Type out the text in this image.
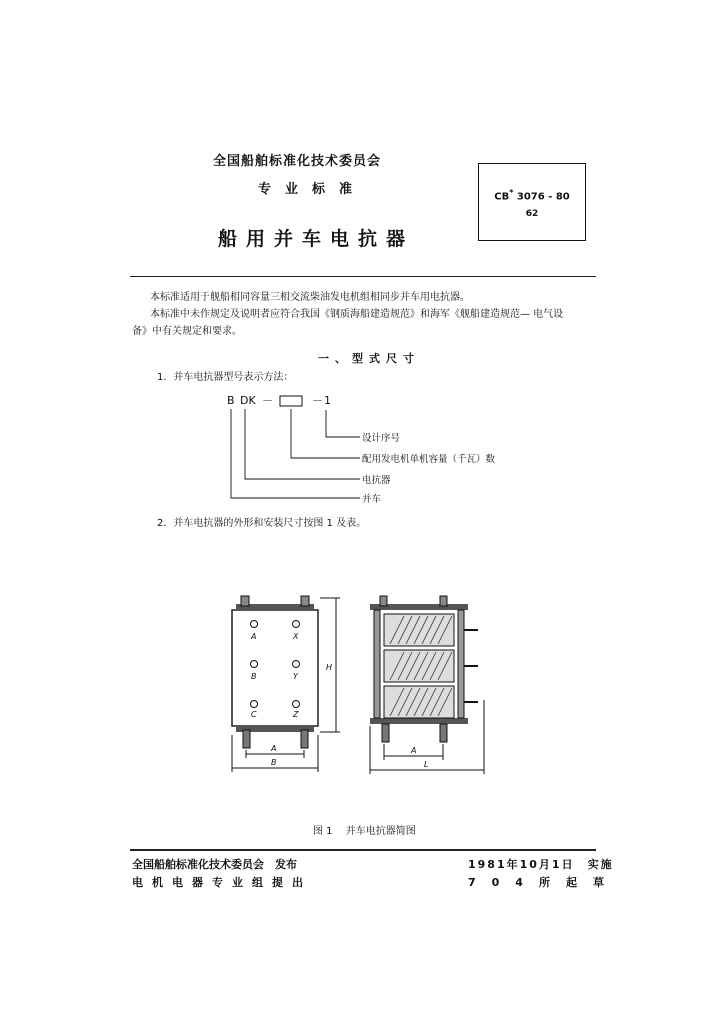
全国船舶标准化技术委员会
专业标准
船用并车电抗器
CB* 3076 - 80
62
本标准适用于舰船相同容量三相交流柴油发电机组相同步并车用电抗器。
本标准中未作规定及说明者应符合我国《钢质海船建造规范》和海军《舰船建造规范— 电气设
备》中有关规定和要求。
一、型式尺寸
1．并车电抗器型号表示方法：
B DK －	－ 1
设计序号
配用发电机单机容量（千瓦）数
电抗器
并车
2．并车电抗器的外形和安装尺寸按图 1 及表。
A	X
B	Y
C	Z
A
B
H
A
L
图 1　 并车电抗器简图
全国船舶标准化技术委员会　发布
电机电器专业组提出
1981年10月1日　实施
704所起草
